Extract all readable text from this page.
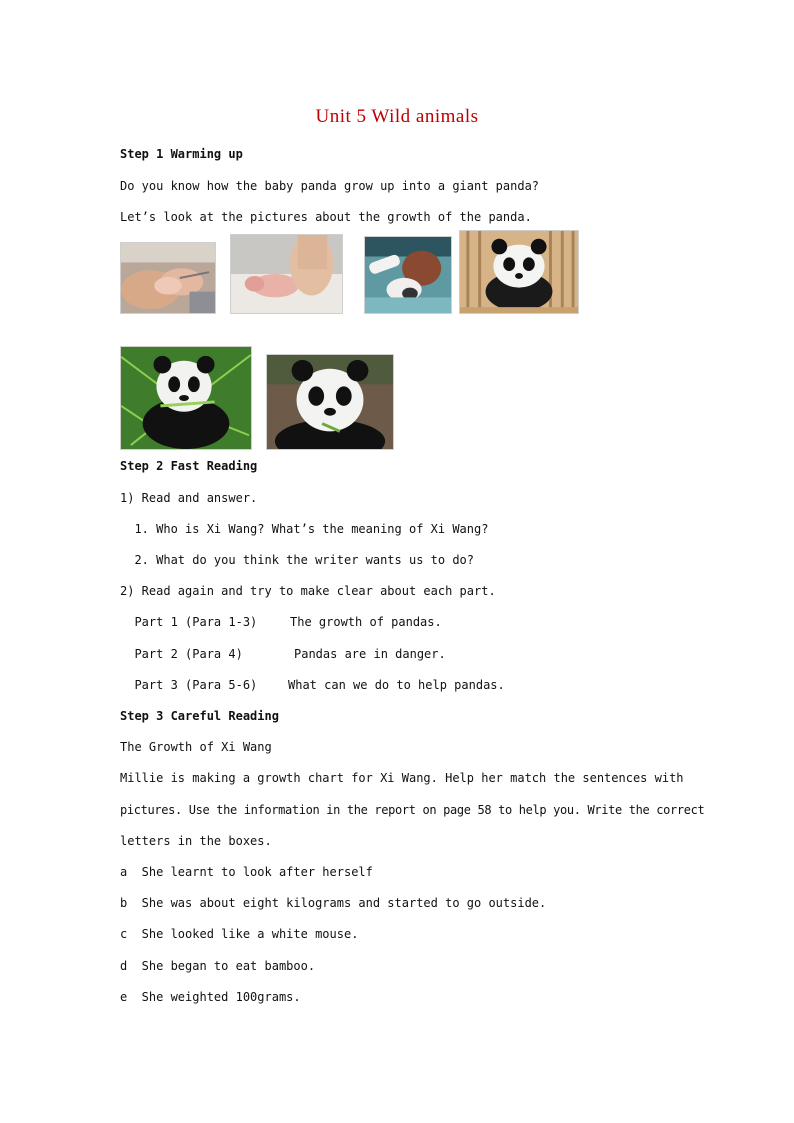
Unit 5 Wild animals
Step 1 Warming up
Do you know how the baby panda grow up into a giant panda?
Let’s look at the pictures about the growth of the panda.
Step 2 Fast Reading
1) Read and answer.
1. Who is Xi Wang? What’s the meaning of Xi Wang?
2. What do you think the writer wants us to do?
2) Read again and try to make clear about each part.
Part 1 (Para 1-3)	The growth of pandas.
Part 2 (Para 4)	Pandas are in danger.
Part 3 (Para 5-6)	What can we do to help pandas.
Step 3 Careful Reading
The Growth of Xi Wang
Millie is making a growth chart for Xi Wang. Help her match the sentences with
pictures. Use the information in the report on page 58 to help you. Write the correct
letters in the boxes.
a  She learnt to look after herself
b  She was about eight kilograms and started to go outside.
c  She looked like a white mouse.
d  She began to eat bamboo.
e  She weighted 100grams.
